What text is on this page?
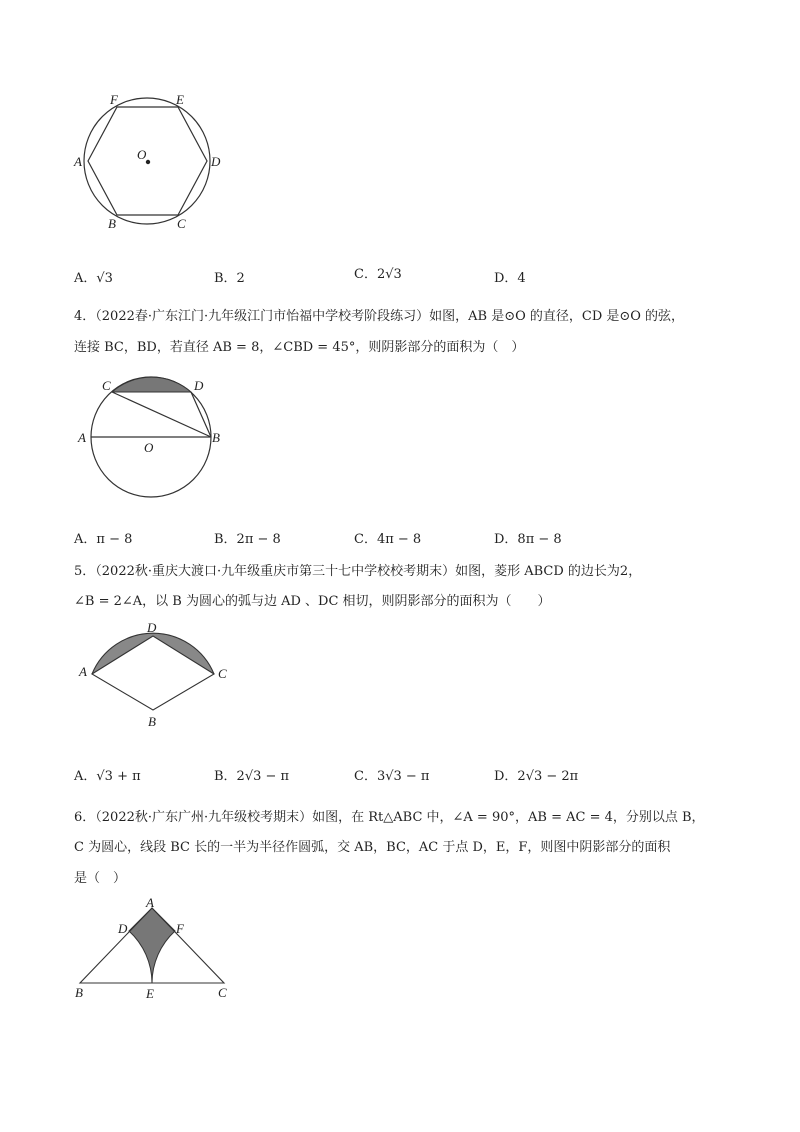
F	E
A	O	D
B	C
A．√3	B．2	C．2√3	D．4
4．（2022春·广东江门·九年级江门市怡福中学校考阶段练习）如图，AB 是⊙O 的直径，CD 是⊙O 的弦，
连接 BC，BD，若直径 AB = 8，∠CBD = 45°，则阴影部分的面积为（　）
C	D
A
O
B
A．π − 8	B．2π − 8	C．4π − 8	D．8π − 8
5．（2022秋·重庆大渡口·九年级重庆市第三十七中学校校考期末）如图，菱形 ABCD 的边长为2，
∠B = 2∠A，以 B 为圆心的弧与边 AD 、DC 相切，则阴影部分的面积为（　　）
D
A	C
B
A．√3 + π	B．2√3 − π	C．3√3 − π	D．2√3 − 2π
6．（2022秋·广东广州·九年级校考期末）如图，在 Rt△ABC 中，∠A = 90°，AB = AC = 4，分别以点 B，
C 为圆心，线段 BC 长的一半为半径作圆弧，交 AB，BC，AC 于点 D，E，F，则图中阴影部分的面积
是（　）
A
D	F
B	E	C
